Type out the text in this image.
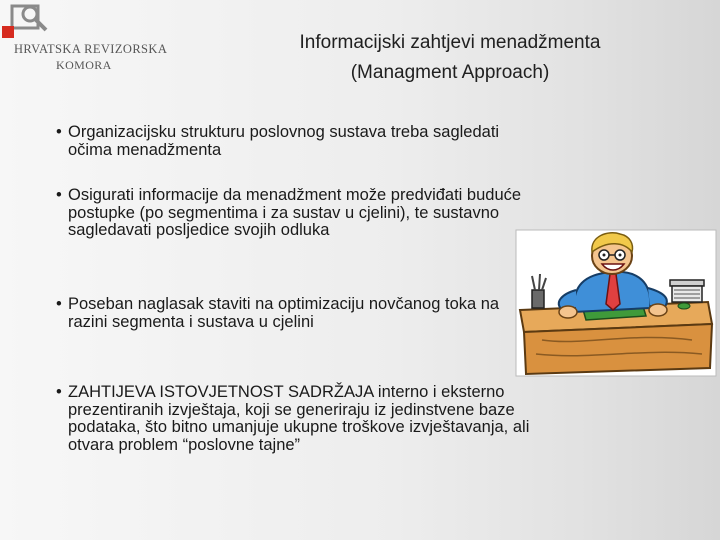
HRVATSKA REVIZORSKA
KOMORA
Informacijski zahtjevi menadžmenta
(Managment Approach)
• Organizacijsku strukturu poslovnog sustava treba sagledati očima menadžmenta
• Osigurati informacije da menadžment može predviđati buduće postupke (po segmentima i za sustav u cjelini), te sustavno sagledavati posljedice svojih odluka
• Poseban naglasak staviti na optimizaciju novčanog toka na razini segmenta i sustava u cjelini
• ZAHTIJEVA ISTOVJETNOST SADRŽAJA interno i eksterno prezentiranih izvještaja, koji se generiraju iz jedinstvene baze podataka, što bitno umanjuje ukupne troškove izvještavanja, ali otvara problem “poslovne tajne”
